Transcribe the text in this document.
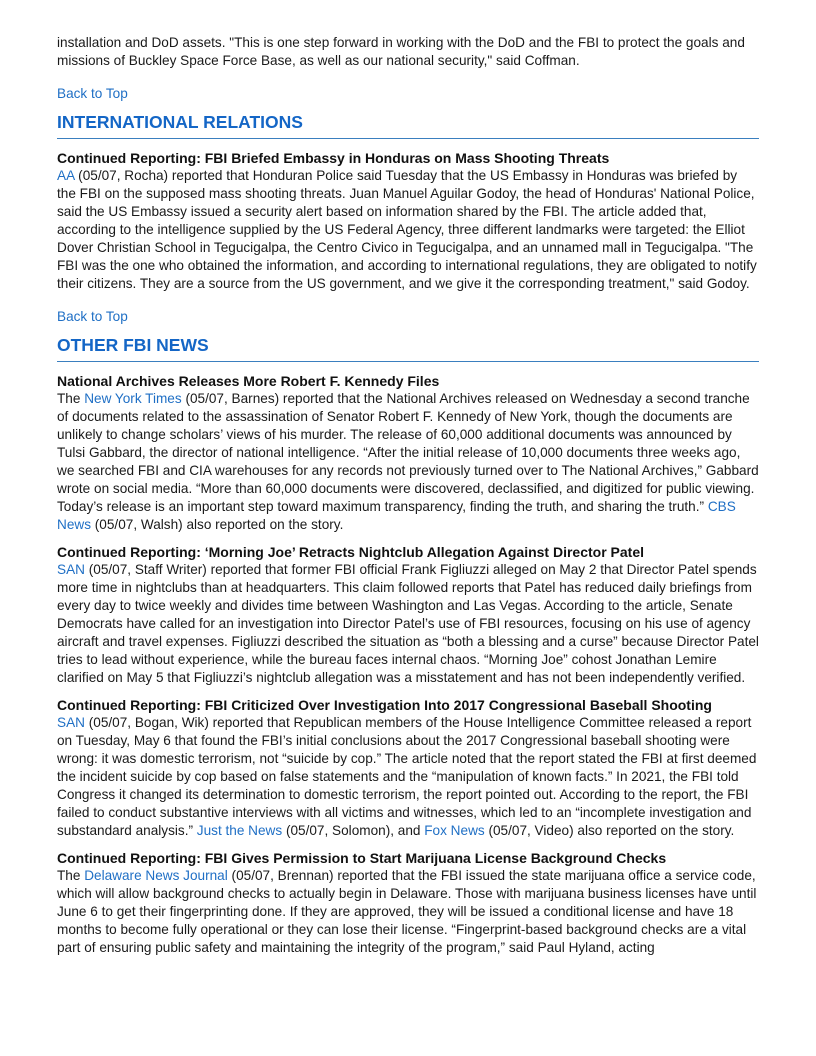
installation and DoD assets. "This is one step forward in working with the DoD and the FBI to protect the goals and missions of Buckley Space Force Base, as well as our national security," said Coffman.

Back to Top
INTERNATIONAL RELATIONS

Continued Reporting: FBI Briefed Embassy in Honduras on Mass Shooting Threats

AA (05/07, Rocha) reported that Honduran Police said Tuesday that the US Embassy in Honduras was briefed by the FBI on the supposed mass shooting threats. Juan Manuel Aguilar Godoy, the head of Honduras' National Police, said the US Embassy issued a security alert based on information shared by the FBI. The article added that, according to the intelligence supplied by the US Federal Agency, three different landmarks were targeted: the Elliot Dover Christian School in Tegucigalpa, the Centro Civico in Tegucigalpa, and an unnamed mall in Tegucigalpa. "The FBI was the one who obtained the information, and according to international regulations, they are obligated to notify their citizens. They are a source from the US government, and we give it the corresponding treatment," said Godoy.

Back to Top
OTHER FBI NEWS

National Archives Releases More Robert F. Kennedy Files

The New York Times (05/07, Barnes) reported that the National Archives released on Wednesday a second tranche of documents related to the assassination of Senator Robert F. Kennedy of New York, though the documents are unlikely to change scholars’ views of his murder. The release of 60,000 additional documents was announced by Tulsi Gabbard, the director of national intelligence. “After the initial release of 10,000 documents three weeks ago, we searched FBI and CIA warehouses for any records not previously turned over to The National Archives,” Gabbard wrote on social media. “More than 60,000 documents were discovered, declassified, and digitized for public viewing. Today’s release is an important step toward maximum transparency, finding the truth, and sharing the truth.” CBS News (05/07, Walsh) also reported on the story.

Continued Reporting: ‘Morning Joe’ Retracts Nightclub Allegation Against Director Patel

SAN (05/07, Staff Writer) reported that former FBI official Frank Figliuzzi alleged on May 2 that Director Patel spends more time in nightclubs than at headquarters. This claim followed reports that Patel has reduced daily briefings from every day to twice weekly and divides time between Washington and Las Vegas. According to the article, Senate Democrats have called for an investigation into Director Patel’s use of FBI resources, focusing on his use of agency aircraft and travel expenses. Figliuzzi described the situation as “both a blessing and a curse” because Director Patel tries to lead without experience, while the bureau faces internal chaos. “Morning Joe” cohost Jonathan Lemire clarified on May 5 that Figliuzzi’s nightclub allegation was a misstatement and has not been independently verified.

Continued Reporting: FBI Criticized Over Investigation Into 2017 Congressional Baseball Shooting

SAN (05/07, Bogan, Wik) reported that Republican members of the House Intelligence Committee released a report on Tuesday, May 6 that found the FBI’s initial conclusions about the 2017 Congressional baseball shooting were wrong: it was domestic terrorism, not “suicide by cop.” The article noted that the report stated the FBI at first deemed the incident suicide by cop based on false statements and the “manipulation of known facts.” In 2021, the FBI told Congress it changed its determination to domestic terrorism, the report pointed out. According to the report, the FBI failed to conduct substantive interviews with all victims and witnesses, which led to an “incomplete investigation and substandard analysis.” Just the News (05/07, Solomon), and Fox News (05/07, Video) also reported on the story.

Continued Reporting: FBI Gives Permission to Start Marijuana License Background Checks

The Delaware News Journal (05/07, Brennan) reported that the FBI issued the state marijuana office a service code, which will allow background checks to actually begin in Delaware. Those with marijuana business licenses have until June 6 to get their fingerprinting done. If they are approved, they will be issued a conditional license and have 18 months to become fully operational or they can lose their license. “Fingerprint-based background checks are a vital part of ensuring public safety and maintaining the integrity of the program,” said Paul Hyland, acting
